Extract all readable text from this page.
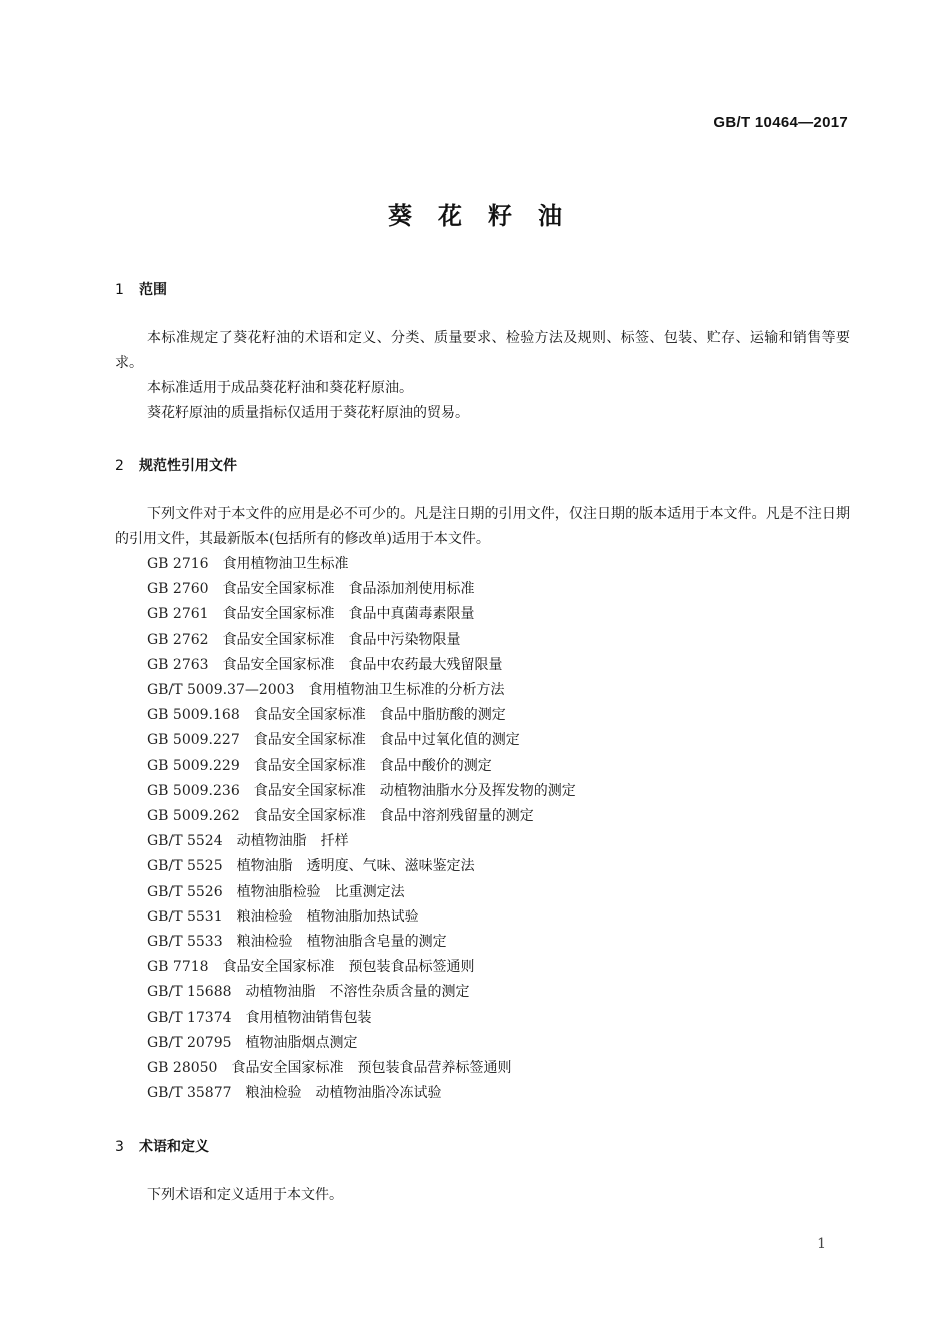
GB/T 10464—2017
葵花籽油
1 范围
本标准规定了葵花籽油的术语和定义、分类、质量要求、检验方法及规则、标签、包装、贮存、运输和销售等要求。
本标准适用于成品葵花籽油和葵花籽原油。
葵花籽原油的质量指标仅适用于葵花籽原油的贸易。
2 规范性引用文件
下列文件对于本文件的应用是必不可少的。凡是注日期的引用文件，仅注日期的版本适用于本文件。凡是不注日期的引用文件，其最新版本(包括所有的修改单)适用于本文件。
GB 2716　 食用植物油卫生标准
GB 2760　 食品安全国家标准　食品添加剂使用标准
GB 2761　 食品安全国家标准　食品中真菌毒素限量
GB 2762　 食品安全国家标准　食品中污染物限量
GB 2763　 食品安全国家标准　食品中农药最大残留限量
GB/T 5009.37—2003　 食用植物油卫生标准的分析方法
GB 5009.168　 食品安全国家标准　食品中脂肪酸的测定
GB 5009.227　 食品安全国家标准　食品中过氧化值的测定
GB 5009.229　 食品安全国家标准　食品中酸价的测定
GB 5009.236　 食品安全国家标准　动植物油脂水分及挥发物的测定
GB 5009.262　 食品安全国家标准　食品中溶剂残留量的测定
GB/T 5524　 动植物油脂　扦样
GB/T 5525　 植物油脂　透明度、气味、滋味鉴定法
GB/T 5526　 植物油脂检验　比重测定法
GB/T 5531　 粮油检验　植物油脂加热试验
GB/T 5533　 粮油检验　植物油脂含皂量的测定
GB 7718　 食品安全国家标准　预包装食品标签通则
GB/T 15688　 动植物油脂　不溶性杂质含量的测定
GB/T 17374　 食用植物油销售包装
GB/T 20795　 植物油脂烟点测定
GB 28050　 食品安全国家标准　预包装食品营养标签通则
GB/T 35877　 粮油检验　动植物油脂冷冻试验
3 术语和定义
下列术语和定义适用于本文件。
1
